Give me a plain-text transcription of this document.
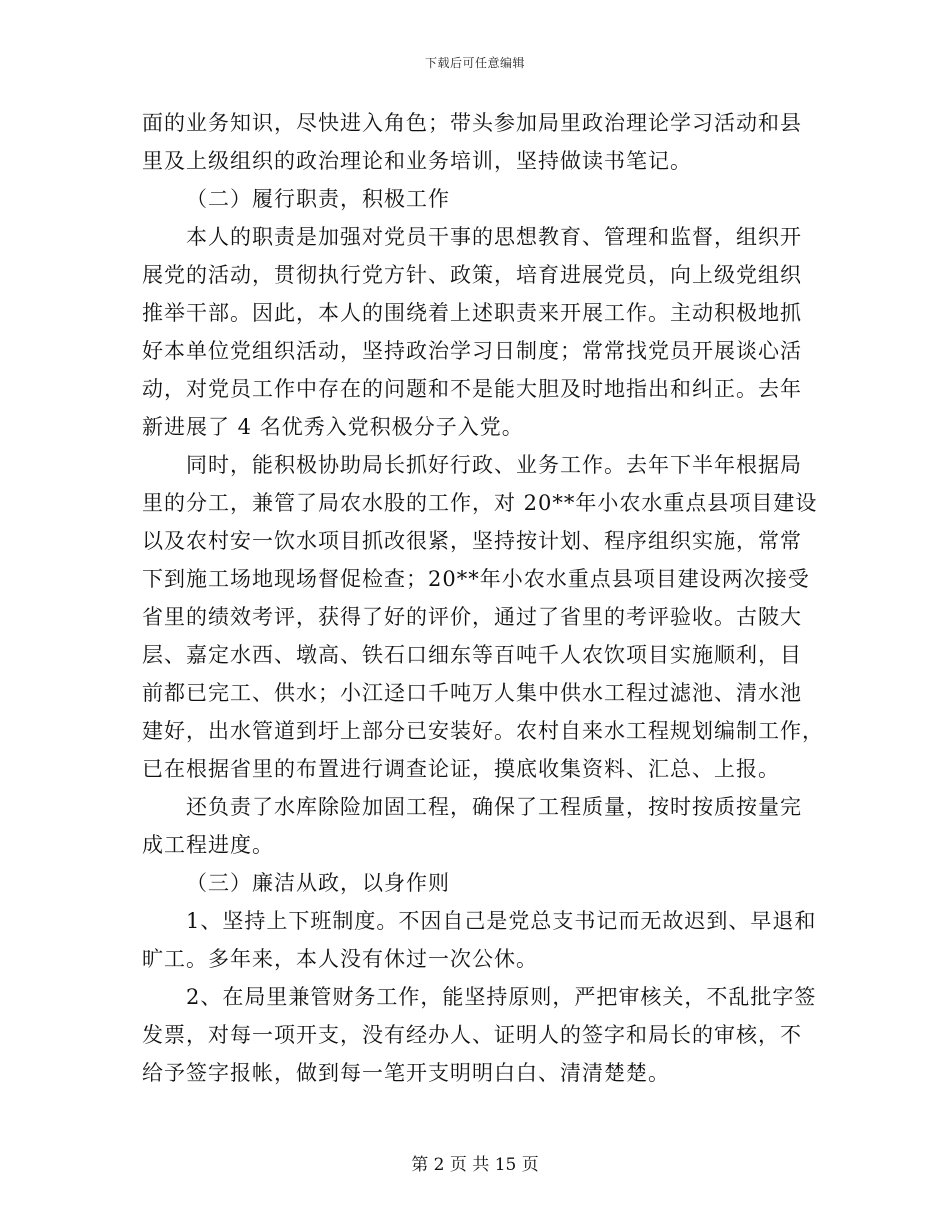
下载后可任意编辑
面的业务知识，尽快进入角色；带头参加局里政治理论学习活动和县
里及上级组织的政治理论和业务培训，坚持做读书笔记。
（二）履行职责，积极工作
本人的职责是加强对党员干事的思想教育、管理和监督，组织开
展党的活动，贯彻执行党方针、政策，培育进展党员，向上级党组织
推举干部。因此，本人的围绕着上述职责来开展工作。主动积极地抓
好本单位党组织活动，坚持政治学习日制度；常常找党员开展谈心活
动，对党员工作中存在的问题和不是能大胆及时地指出和纠正。去年
新进展了 4 名优秀入党积极分子入党。
同时，能积极协助局长抓好行政、业务工作。去年下半年根据局
里的分工，兼管了局农水股的工作，对 20**年小农水重点县项目建设
以及农村安一饮水项目抓改很紧，坚持按计划、程序组织实施，常常
下到施工场地现场督促检查；20**年小农水重点县项目建设两次接受
省里的绩效考评，获得了好的评价，通过了省里的考评验收。古陂大
层、嘉定水西、墩高、铁石口细东等百吨千人农饮项目实施顺利，目
前都已完工、供水；小江迳口千吨万人集中供水工程过滤池、清水池
建好，出水管道到圩上部分已安装好。农村自来水工程规划编制工作，
已在根据省里的布置进行调查论证，摸底收集资料、汇总、上报。
还负责了水库除险加固工程，确保了工程质量，按时按质按量完
成工程进度。
（三）廉洁从政，以身作则
1、坚持上下班制度。不因自己是党总支书记而无故迟到、早退和
旷工。多年来，本人没有休过一次公休。
2、在局里兼管财务工作，能坚持原则，严把审核关，不乱批字签
发票，对每一项开支，没有经办人、证明人的签字和局长的审核，不
给予签字报帐，做到每一笔开支明明白白、清清楚楚。
第 2 页 共 15 页
